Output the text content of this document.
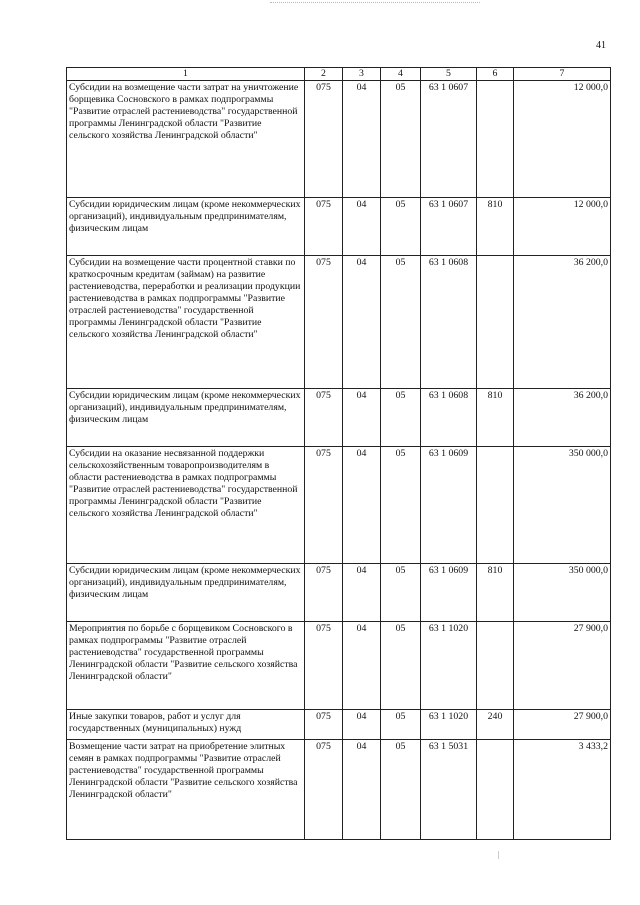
41
1	2	3	4	5	6	7
Субсидии на возмещение части затрат на уничтожение борщевика Сосновского в рамках подпрограммы "Развитие отраслей растениеводства" государственной программы Ленинградской области "Развитие сельского хозяйства Ленинградской области"	075	04	05	63 1 0607		12 000,0
Субсидии юридическим лицам (кроме некоммерческих организаций), индивидуальным предпринимателям, физическим лицам	075	04	05	63 1 0607	810	12 000,0
Субсидии на возмещение части процентной ставки по краткосрочным кредитам (займам) на развитие растениеводства, переработки и реализации продукции растениеводства в рамках подпрограммы "Развитие отраслей растениеводства" государственной программы Ленинградской области "Развитие сельского хозяйства Ленинградской области"	075	04	05	63 1 0608		36 200,0
Субсидии юридическим лицам (кроме некоммерческих организаций), индивидуальным предпринимателям, физическим лицам	075	04	05	63 1 0608	810	36 200,0
Субсидии на оказание несвязанной поддержки сельскохозяйственным товаропроизводителям в области растениеводства в рамках подпрограммы "Развитие отраслей растениеводства" государственной программы Ленинградской области "Развитие сельского хозяйства Ленинградской области"	075	04	05	63 1 0609		350 000,0
Субсидии юридическим лицам (кроме некоммерческих организаций), индивидуальным предпринимателям, физическим лицам	075	04	05	63 1 0609	810	350 000,0
Мероприятия по борьбе с борщевиком Сосновского в рамках подпрограммы "Развитие отраслей растениеводства" государственной программы Ленинградской области "Развитие сельского хозяйства Ленинградской области"	075	04	05	63 1 1020		27 900,0
Иные закупки товаров, работ и услуг для государственных (муниципальных) нужд	075	04	05	63 1 1020	240	27 900,0
Возмещение части затрат на приобретение элитных семян в рамках подпрограммы "Развитие отраслей растениеводства" государственной программы Ленинградской области "Развитие сельского хозяйства Ленинградской области"	075	04	05	63 1 5031		3 433,2
